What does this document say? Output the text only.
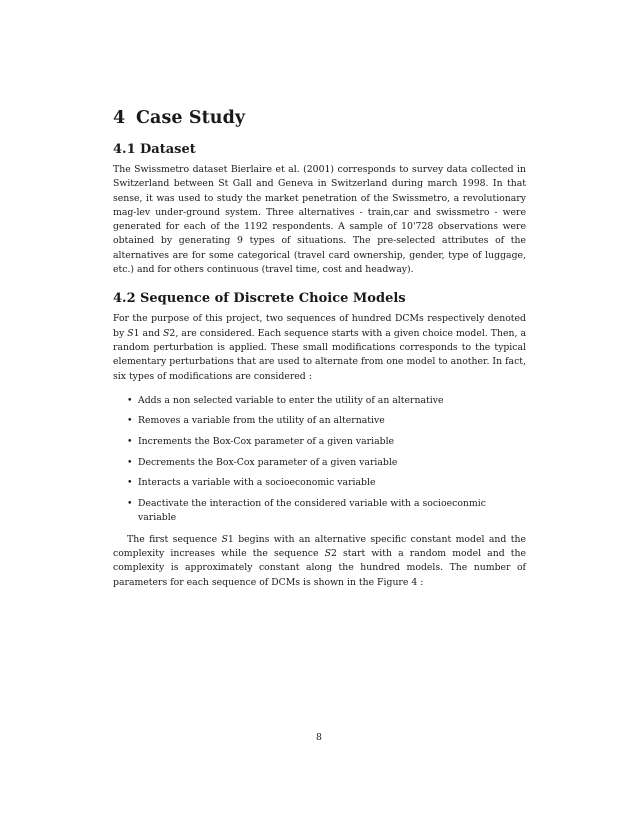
4 Case Study
4.1 Dataset

The Swissmetro dataset Bierlaire et al. (2001) corresponds to survey data collected in Switzerland between St Gall and Geneva in Switzerland during march 1998. In that sense, it was used to study the market penetration of the Swissmetro, a revolutionary mag-lev under-ground system. Three alternatives - train,car and swissmetro - were generated for each of the 1192 respondents. A sample of 10'728 observations were obtained by generating 9 types of situations. The pre-selected attributes of the alternatives are for some categorical (travel card ownership, gender, type of luggage, etc.) and for others continuous (travel time, cost and headway).

4.2 Sequence of Discrete Choice Models

For the purpose of this project, two sequences of hundred DCMs respectively denoted by S1 and S2, are considered. Each sequence starts with a given choice model. Then, a random perturbation is applied. These small modifications corresponds to the typical elementary perturbations that are used to alternate from one model to another. In fact, six types of modifications are considered :

• Adds a non selected variable to enter the utility of an alternative
• Removes a variable from the utility of an alternative
• Increments the Box-Cox parameter of a given variable
• Decrements the Box-Cox parameter of a given variable
• Interacts a variable with a socioeconomic variable
• Deactivate the interaction of the considered variable with a socioeconmic variable

The first sequence S1 begins with an alternative specific constant model and the complexity increases while the sequence S2 start with a random model and the complexity is approximately constant along the hundred models. The number of parameters for each sequence of DCMs is shown in the Figure 4 :

8
